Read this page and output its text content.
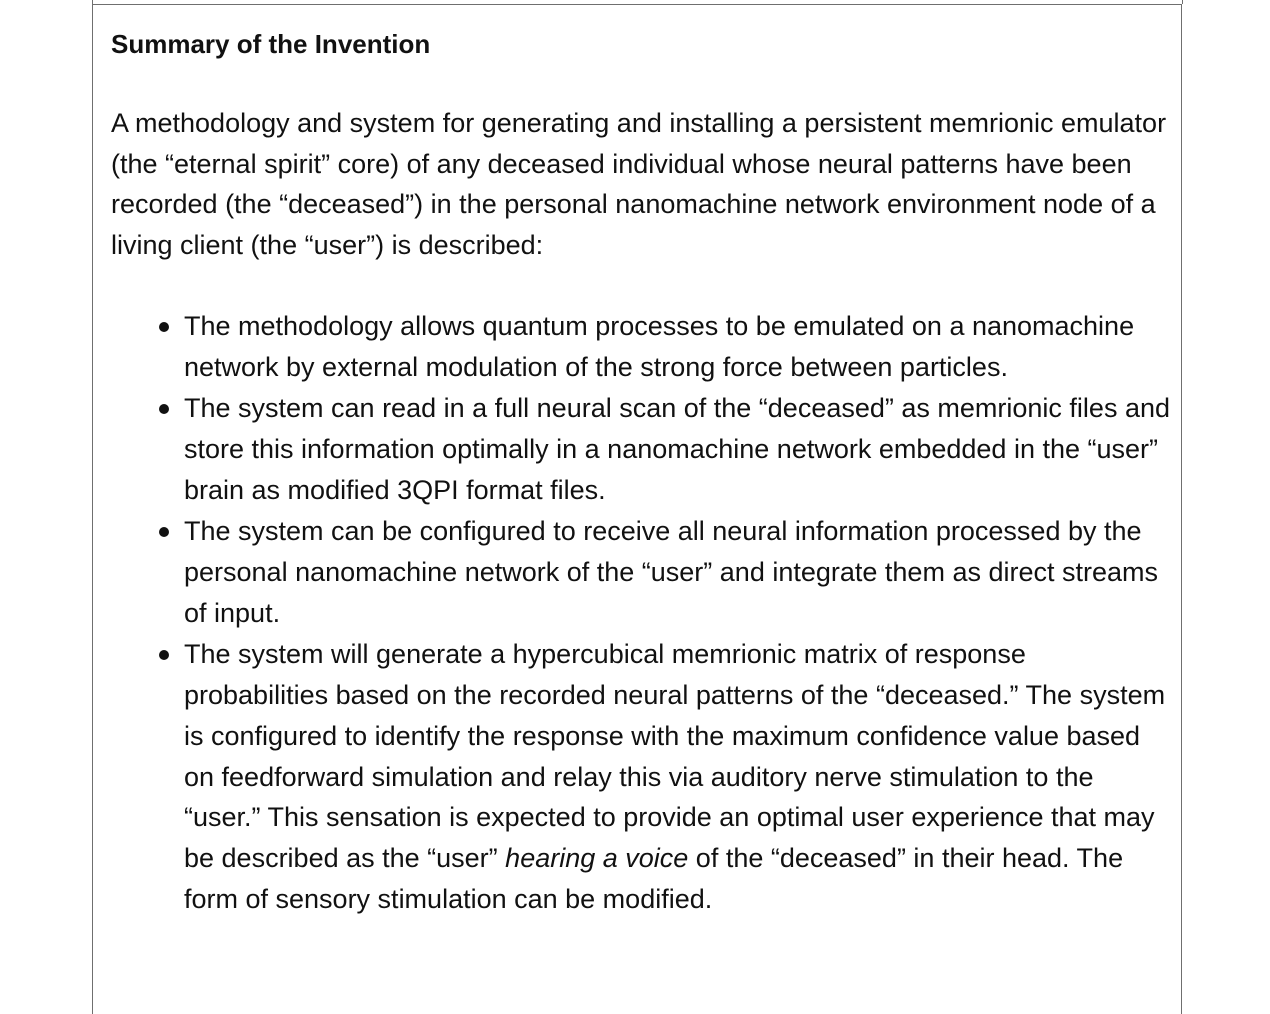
Summary of the Invention
A methodology and system for generating and installing a persistent memrionic emulator (the “eternal spirit” core) of any deceased individual whose neural patterns have been recorded (the “deceased”) in the personal nanomachine network environment node of a living client (the “user”) is described:
The methodology allows quantum processes to be emulated on a nanomachine network by external modulation of the strong force between particles.
The system can read in a full neural scan of the “deceased” as memrionic files and store this information optimally in a nanomachine network embedded in the “user” brain as modified 3QPI format files.
The system can be configured to receive all neural information processed by the personal nanomachine network of the “user” and integrate them as direct streams of input.
The system will generate a hypercubical memrionic matrix of response probabilities based on the recorded neural patterns of the “deceased.” The system is configured to identify the response with the maximum confidence value based on feedforward simulation and relay this via auditory nerve stimulation to the “user.” This sensation is expected to provide an optimal user experience that may be described as the “user” hearing a voice of the “deceased” in their head. The form of sensory stimulation can be modified.
